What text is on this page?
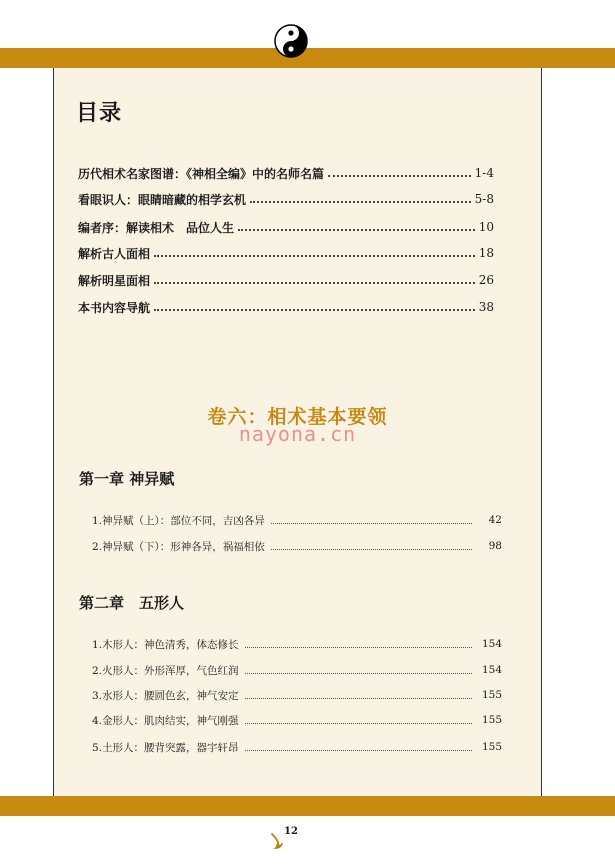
目录
历代相术名家图谱：《神相全编》中的名师名篇	1-4
看眼识人：眼睛暗藏的相学玄机	5-8
编者序：解读相术　品位人生	10
解析古人面相	18
解析明星面相	26
本书内容导航	38
卷六：相术基本要领
nayona.cn
第一章 神异赋
1.神异赋（上）：部位不同，吉凶各异	42
2.神异赋（下）：形神各异，祸福相依	98
第二章　五形人
1.木形人：神色清秀，体态修长	154
2.火形人：外形浑厚，气色红润	154
3.水形人：腰圆色玄，神气安定	155
4.金形人：肌肉结实，神气刚强	155
5.土形人：腰背突露，器宇轩昂	155
12
